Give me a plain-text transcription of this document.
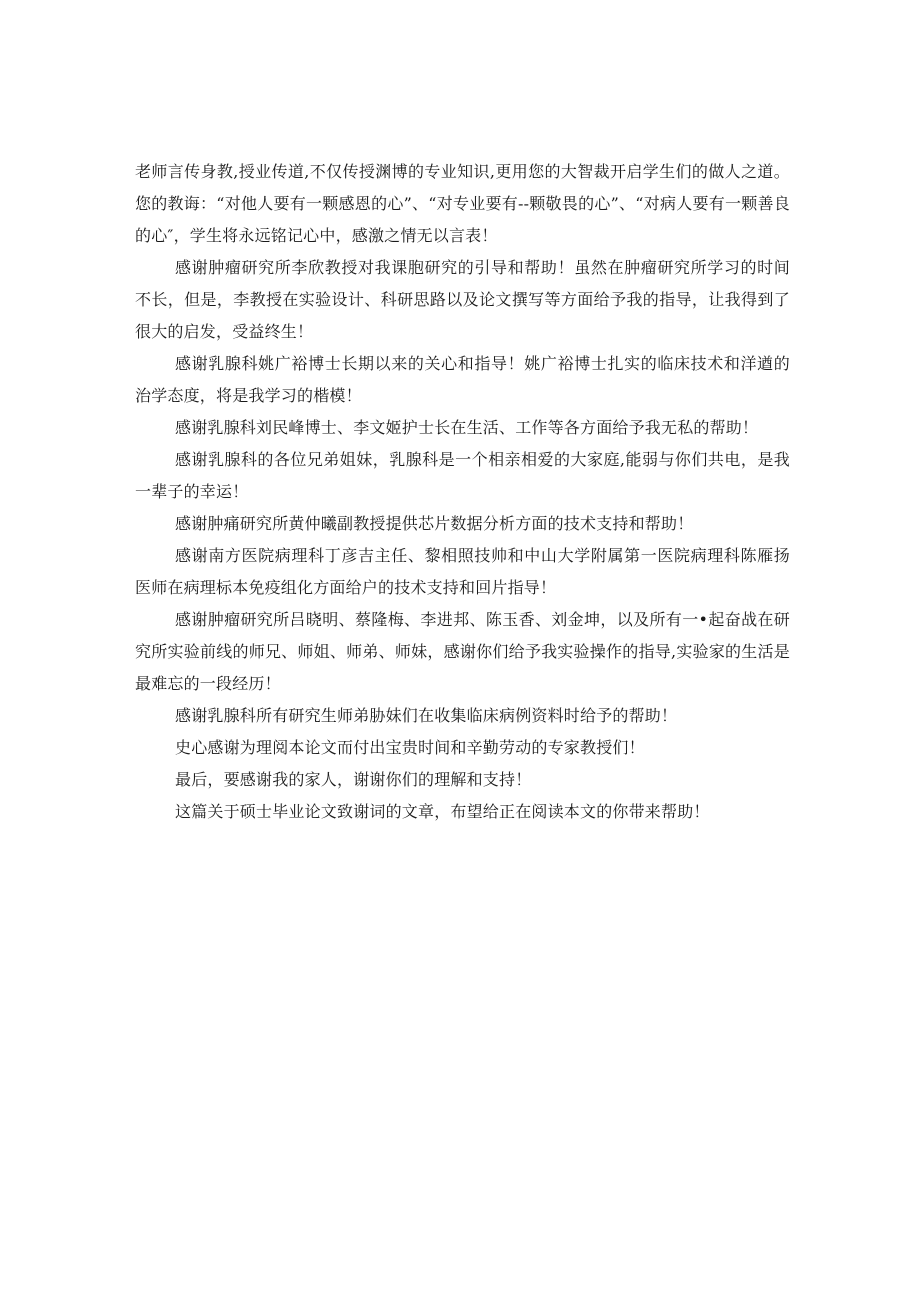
老师言传身教,授业传道,不仅传授渊博的专业知识,更用您的大智裁开启学生们的做人之道。您的教诲：“对他人要有一颗感恩的心”、“对专业要有--颗敬畏的心”、“对病人要有一颗善良的心″，学生将永远铭记心中，感激之情无以言表！

感谢肿瘤研究所李欣教授对我课胞研究的引导和帮助！虽然在肿瘤研究所学习的时间不长，但是，李教授在实验设计、科研思路以及论文撰写等方面给予我的指导，让我得到了很大的启发，受益终生！

感谢乳腺科姚广裕博士长期以来的关心和指导！姚广裕博士扎实的临床技术和洋遒的治学态度，将是我学习的楷模！

感谢乳腺科刘民峰博士、李文姬护士长在生活、工作等各方面给予我无私的帮助！

感谢乳腺科的各位兄弟姐妹，乳腺科是一个相亲相爱的大家庭,能弱与你们共电，是我一辈子的幸运！

感谢肿痛研究所黄仲曦副教授提供芯片数据分析方面的技术支持和帮助！

感谢南方医院病理科丁彦吉主任、黎相照技帅和中山大学附属第一医院病理科陈雁扬医师在病理标本免疫组化方面给户的技术支持和回片指导！

感谢肿瘤研究所吕晓明、蔡隆梅、李进邦、陈玉香、刘金坤，以及所有一•起奋战在研究所实验前线的师兄、师姐、师弟、师妹，感谢你们给予我实验操作的指导,实验家的生活是最难忘的一段经历！

感谢乳腺科所有研究生师弟胁妹们在收集临床病例资料时给予的帮助！

史心感谢为理阅本论文而付出宝贵时间和辛勤劳动的专家教授们！

最后，要感谢我的家人，谢谢你们的理解和支持！

这篇关于硕士毕业论文致谢词的文章，布望给正在阅读本文的你带来帮助！
